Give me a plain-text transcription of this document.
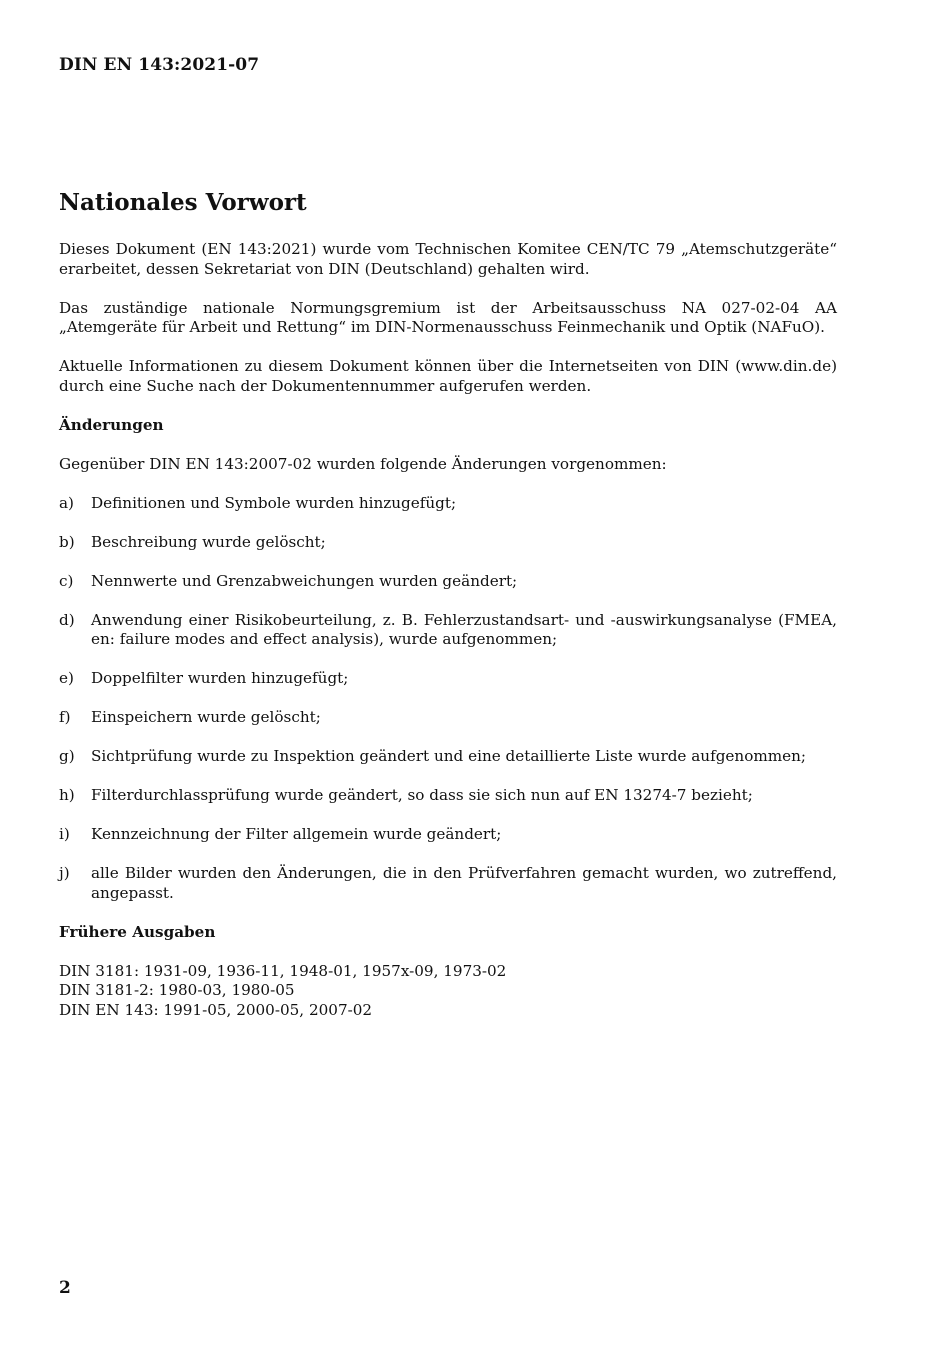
DIN EN 143:2021-07
Nationales Vorwort

Dieses Dokument (EN 143:2021) wurde vom Technischen Komitee CEN/TC 79 „Atemschutzgeräte“ erarbeitet, dessen Sekretariat von DIN (Deutschland) gehalten wird.

Das zuständige nationale Normungsgremium ist der Arbeitsausschuss NA 027-02-04 AA „Atemgeräte für Arbeit und Rettung“ im DIN-Normenausschuss Feinmechanik und Optik (NAFuO).

Aktuelle Informationen zu diesem Dokument können über die Internetseiten von DIN (www.din.de) durch eine Suche nach der Dokumentennummer aufgerufen werden.

Änderungen

Gegenüber DIN EN 143:2007-02 wurden folgende Änderungen vorgenommen:

a)	Definitionen und Symbole wurden hinzugefügt;
b)	Beschreibung wurde gelöscht;
c)	Nennwerte und Grenzabweichungen wurden geändert;
d)	Anwendung einer Risikobeurteilung, z. B. Fehlerzustandsart- und -auswirkungsanalyse (FMEA, en: failure modes and effect analysis), wurde aufgenommen;
e)	Doppelfilter wurden hinzugefügt;
f)	Einspeichern wurde gelöscht;
g)	Sichtprüfung wurde zu Inspektion geändert und eine detaillierte Liste wurde aufgenommen;
h)	Filterdurchlassprüfung wurde geändert, so dass sie sich nun auf EN 13274-7 bezieht;
i)	Kennzeichnung der Filter allgemein wurde geändert;
j)	alle Bilder wurden den Änderungen, die in den Prüfverfahren gemacht wurden, wo zutreffend, angepasst.
Frühere Ausgaben
DIN 3181: 1931-09, 1936-11, 1948-01, 1957x-09, 1973-02
DIN 3181-2: 1980-03, 1980-05
DIN EN 143: 1991-05, 2000-05, 2007-02
2
